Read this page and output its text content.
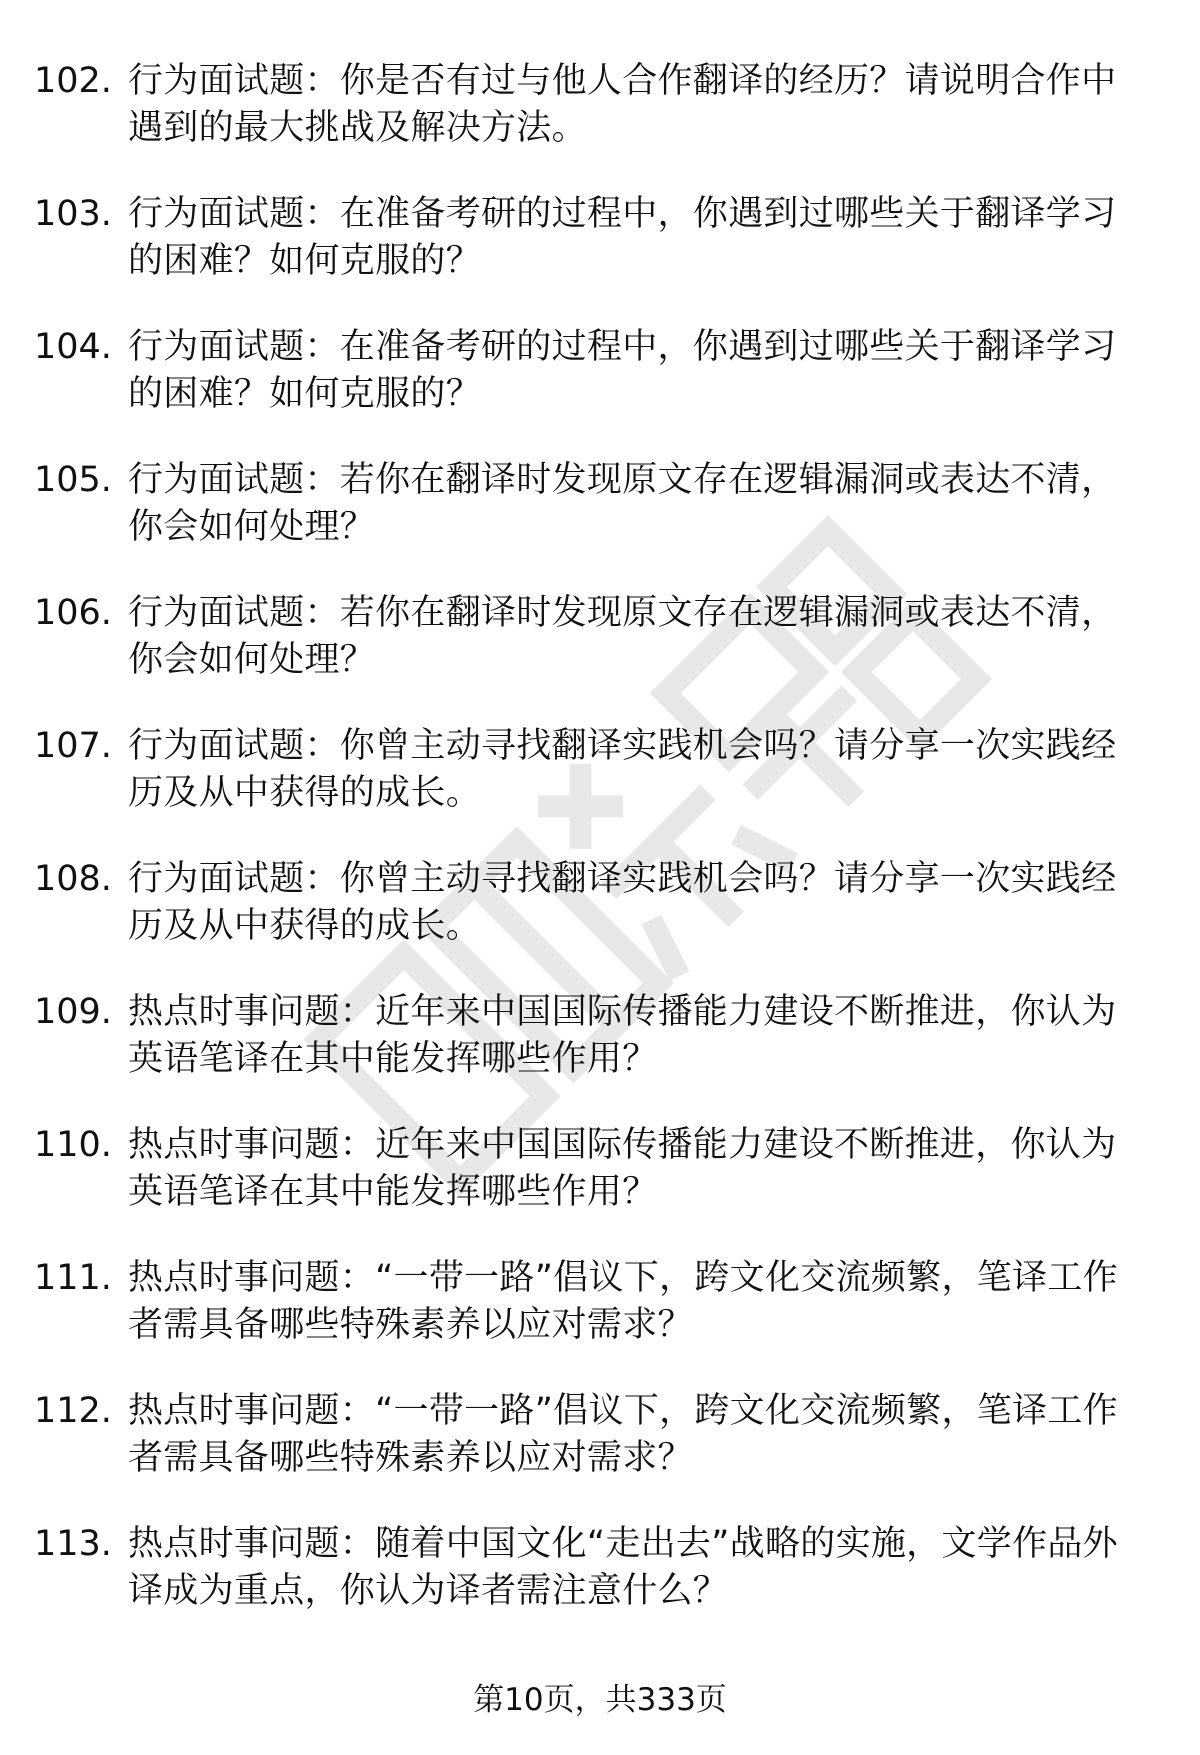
102. 行为面试题：你是否有过与他人合作翻译的经历？请说明合作中遇到的最大挑战及解决方法。
103. 行为面试题：在准备考研的过程中，你遇到过哪些关于翻译学习的困难？如何克服的？
104. 行为面试题：在准备考研的过程中，你遇到过哪些关于翻译学习的困难？如何克服的？
105. 行为面试题：若你在翻译时发现原文存在逻辑漏洞或表达不清，你会如何处理？
106. 行为面试题：若你在翻译时发现原文存在逻辑漏洞或表达不清，你会如何处理？
107. 行为面试题：你曾主动寻找翻译实践机会吗？请分享一次实践经历及从中获得的成长。
108. 行为面试题：你曾主动寻找翻译实践机会吗？请分享一次实践经历及从中获得的成长。
109. 热点时事问题：近年来中国国际传播能力建设不断推进，你认为英语笔译在其中能发挥哪些作用？
110. 热点时事问题：近年来中国国际传播能力建设不断推进，你认为英语笔译在其中能发挥哪些作用？
111. 热点时事问题：“一带一路”倡议下，跨文化交流频繁，笔译工作者需具备哪些特殊素养以应对需求？
112. 热点时事问题：“一带一路”倡议下，跨文化交流频繁，笔译工作者需具备哪些特殊素养以应对需求？
113. 热点时事问题：随着中国文化“走出去”战略的实施，文学作品外译成为重点，你认为译者需注意什么？
第10页，共333页
